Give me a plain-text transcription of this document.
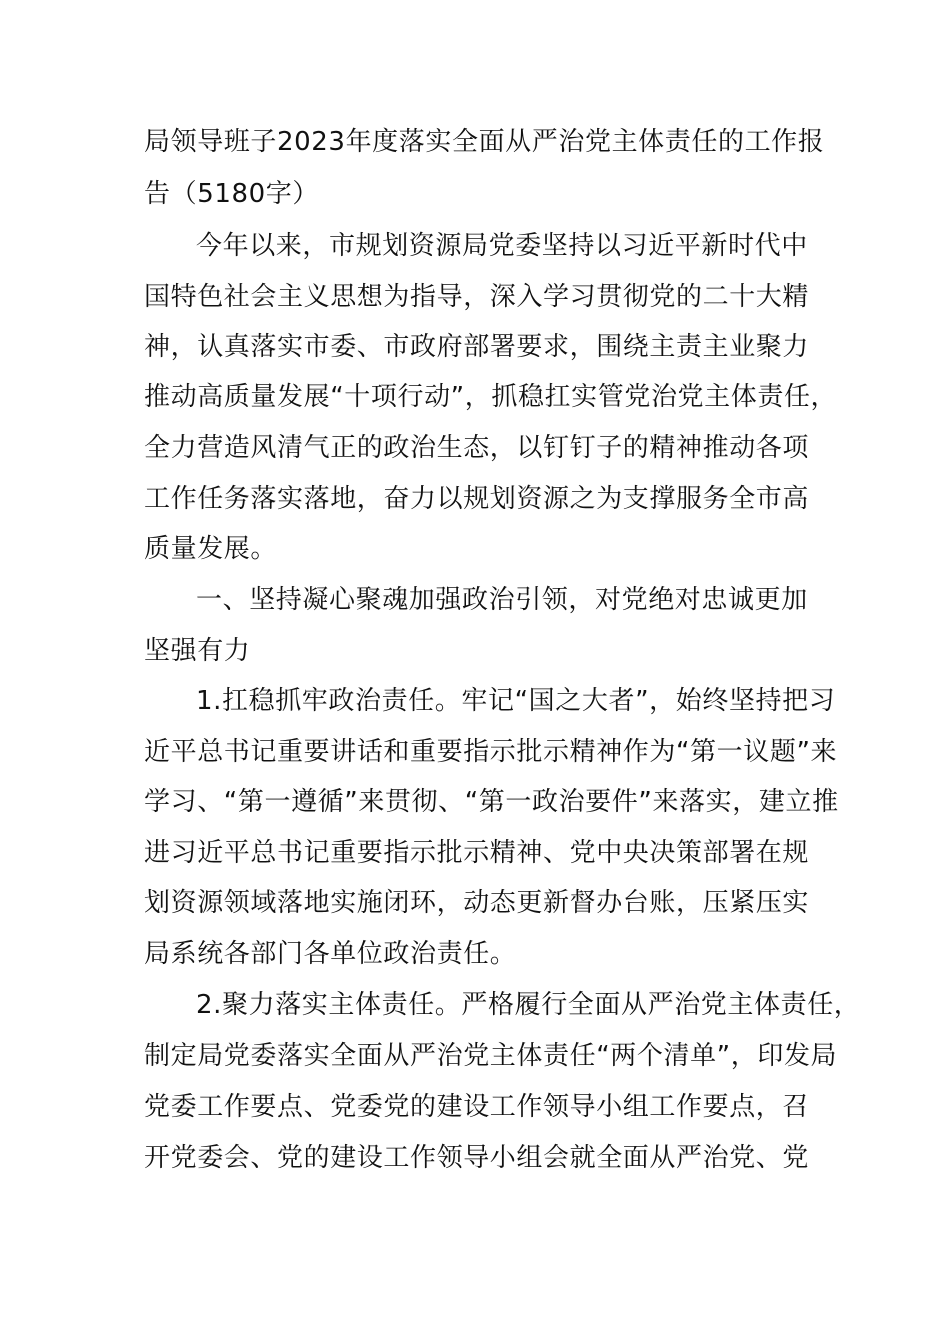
局领导班子2023年度落实全面从严治党主体责任的工作报
告（5180字）
今年以来，市规划资源局党委坚持以习近平新时代中
国特色社会主义思想为指导，深入学习贯彻党的二十大精
神，认真落实市委、市政府部署要求，围绕主责主业聚力
推动高质量发展“十项行动”，抓稳扛实管党治党主体责任，
全力营造风清气正的政治生态，以钉钉子的精神推动各项
工作任务落实落地，奋力以规划资源之为支撑服务全市高
质量发展。
一、坚持凝心聚魂加强政治引领，对党绝对忠诚更加
坚强有力
1.扛稳抓牢政治责任。牢记“国之大者”，始终坚持把习
近平总书记重要讲话和重要指示批示精神作为“第一议题”来
学习、“第一遵循”来贯彻、“第一政治要件”来落实，建立推
进习近平总书记重要指示批示精神、党中央决策部署在规
划资源领域落地实施闭环，动态更新督办台账，压紧压实
局系统各部门各单位政治责任。
2.聚力落实主体责任。严格履行全面从严治党主体责任，
制定局党委落实全面从严治党主体责任“两个清单”，印发局
党委工作要点、党委党的建设工作领导小组工作要点，召
开党委会、党的建设工作领导小组会就全面从严治党、党
